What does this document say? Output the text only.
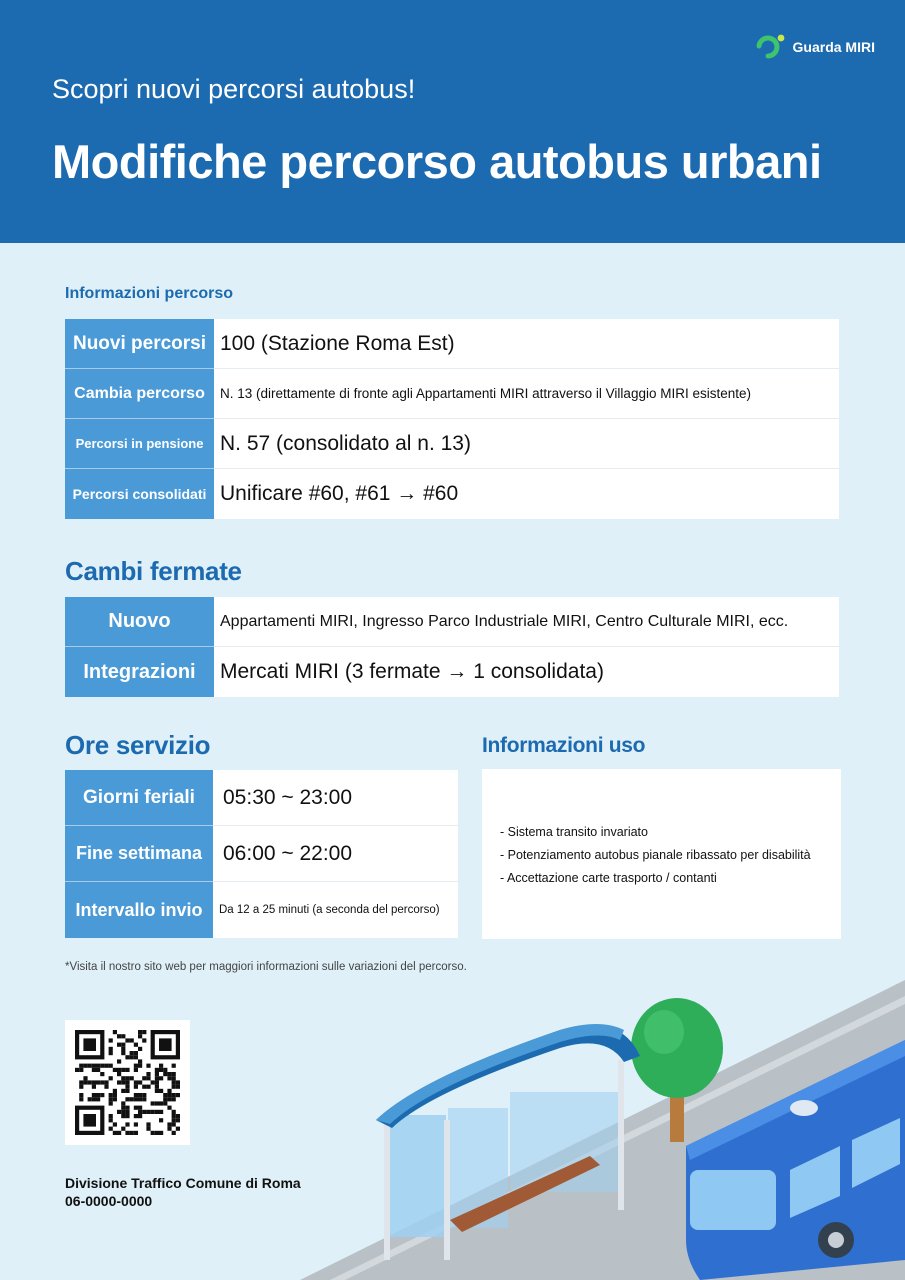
Guarda MIRI
Scopri nuovi percorsi autobus!
Modifiche percorso autobus urbani
Informazioni percorso
Nuovi percorsi	100 (Stazione Roma Est)
Cambia percorso	N. 13 (direttamente di fronte agli Appartamenti MIRI attraverso il Villaggio MIRI esistente)
Percorsi in pensione	N. 57 (consolidato al n. 13)
Percorsi consolidati	Unificare #60, #61 → #60
Cambi fermate
Nuovo	Appartamenti MIRI, Ingresso Parco Industriale MIRI, Centro Culturale MIRI, ecc.
Integrazioni	Mercati MIRI (3 fermate → 1 consolidata)
Ore servizio
Giorni feriali	05:30 ~ 23:00
Fine settimana	06:00 ~ 22:00
Intervallo invio	Da 12 a 25 minuti (a seconda del percorso)
Informazioni uso
- Sistema transito invariato
- Potenziamento autobus pianale ribassato per disabilità
- Accettazione carte trasporto / contanti
*Visita il nostro sito web per maggiori informazioni sulle variazioni del percorso.
Divisione Traffico Comune di Roma
06-0000-0000
